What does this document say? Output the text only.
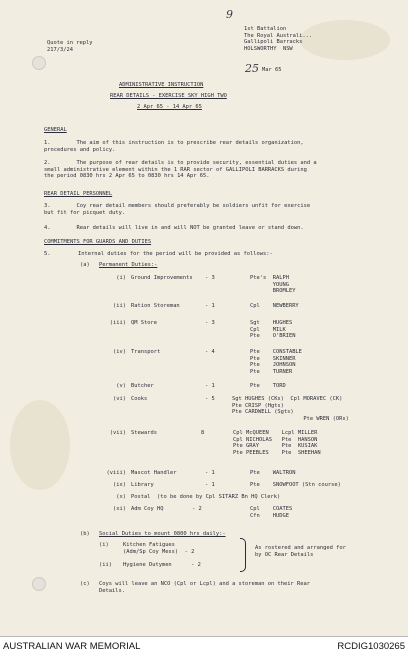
9
Quote in reply
217/3/24
1st Battalion
The Royal Australi...
Gallipoli Barracks
HOLSWORTHY  NSW
25 Mar 65
ADMINISTRATIVE INSTRUCTION
REAR DETAILS - EXERCISE SKY HIGH TWO
2 Apr 65 - 14 Apr 65
GENERAL
1.        The aim of this instruction is to prescribe rear details organization,
procedures and policy.
2.        The purpose of rear details is to provide security, essential duties and a
small administrative element within the 1 RAR sector of GALLIPOLI BARRACKS during
the period 0830 hrs 2 Apr 65 to 0830 hrs 14 Apr 65.
REAR DETAIL PERSONNEL
3.        Coy rear detail members should preferably be soldiers unfit for exercise
but fit for picquet duty.
4.        Rear details will live in and will NOT be granted leave or stand down.
COMMITMENTS FOR GUARDS AND DUTIES
5.	Internal duties for the period will be provided as follows:-
(a) Permanent Duties:-
(i) Ground Improvements - 3	Pte's  RALPH
YOUNG
BROMLEY
(ii) Ration Storeman	- 1	Cpl    NEWBERRY
(iii) QM Store	- 3	Sgt    HUGHES
Cpl    MILK
Pte    O'BRIEN
(iv) Transport	- 4	Pte    CONSTABLE
Pte    SKINNER
Pte    JOHNSON
Pte    TURNER
(v) Butcher	- 1	Pte    TORD
(vi) Cooks	- 5	Sgt HUGHES (CKs)  Cpl MORAVEC (CK)
Pte CRISP (Hgts)
Pte CARDWELL (Sgts)
Pte WREN (ORs)
(vii) Stewards	8	Cpl McQUEEN    Lcpl MILLER
Cpl NICHOLAS   Pte  HANSON
Pte GRAY       Pte  KUSIAK
Pte PEEBLES    Pte  SHEEHAN
(viii) Mascot Handler	- 1	Pte    WALTRON
(ix) Library	- 1	Pte    SNOWFOOT (Stn course)
(x) Postal  (to be done by Cpl SITARZ Bn HQ Clerk)
(xi) Adm Coy HQ	- 2	Cpl    COATES
Cfn    HUDGE
(b) Social Duties to mount 0800 hrs daily:-
(i)	Kitchen Fatigues
(Adm/Sp Coy Mess)  - 2
(ii) Hygiene Dutymen      - 2
As rostered and arranged for
by OC Rear Details
(c) Coys will leave an NCO (Cpl or Lcpl) and a storeman on their Rear
Details.
AUSTRALIAN WAR MEMORIAL	RCDIG1030265
